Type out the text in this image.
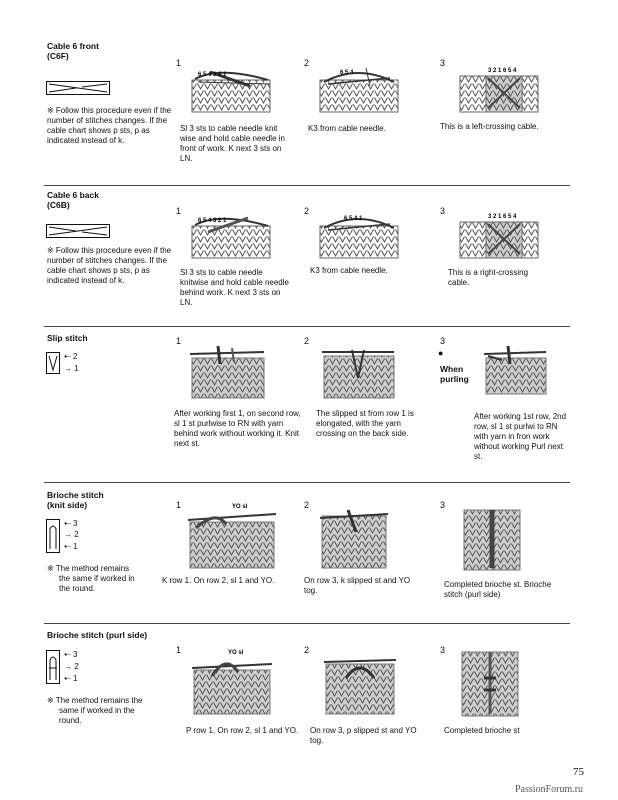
Cable 6 front
(C6F)
※ Follow this procedure even if the number of stitches changes. If the cable chart shows p sts, p as indicated instead of k.
1
6 5 4 3 2 1
Sl 3 sts to cable needle knit wise and hold cable needle in front of work. K next 3 sts on LN.
2
6 5 4
K3 from cable needle.
3
3 2 1 6 5 4
This is a left-crossing cable.
Cable 6 back
(C6B)
※ Follow this procedure even if the number of stitches changes. If the cable chart shows p sts, p as indicated instead of k.
1
6 5 4 3 2 1
Sl 3 sts to cable needle knitwise and hold cable needle behind work. K next 3 sts on LN.
2
6 5 4 1
K3 from cable needle.
3
3 2 1 6 5 4
This is a right-crossing cable.
Slip stitch
⇠ 2
→ 1
1
After working first 1, on second row, sl 1 st purlwise to RN with yarn behind work without working it. Knit next st.
2
The slipped st from row 1 is elongated, with the yarn crossing on the back side.
3
●
When purling
After working 1st row, 2nd row, sl 1 st purlwi to RN with yarn in fron work without working Purl next st.
Brioche stitch
(knit side)
⇠ 3
→ 2
⇠ 1
※ The method remains the same if worked in the round.
1	YO sl
K row 1. On row 2, sl 1 and YO.
2
On row 3, k slipped st and YO tog.
3
Completed brioche st. Brioche stitch (purl side)
Brioche stitch (purl side)
⇠ 3
→ 2
⇠ 1
※ The method remains the same if worked in the round.
1	YO sl
P row 1. On row 2, sl 1 and YO.
2
On row 3, p slipped st and YO tog.
3
Completed brioche st
75
PassionForum.ru
